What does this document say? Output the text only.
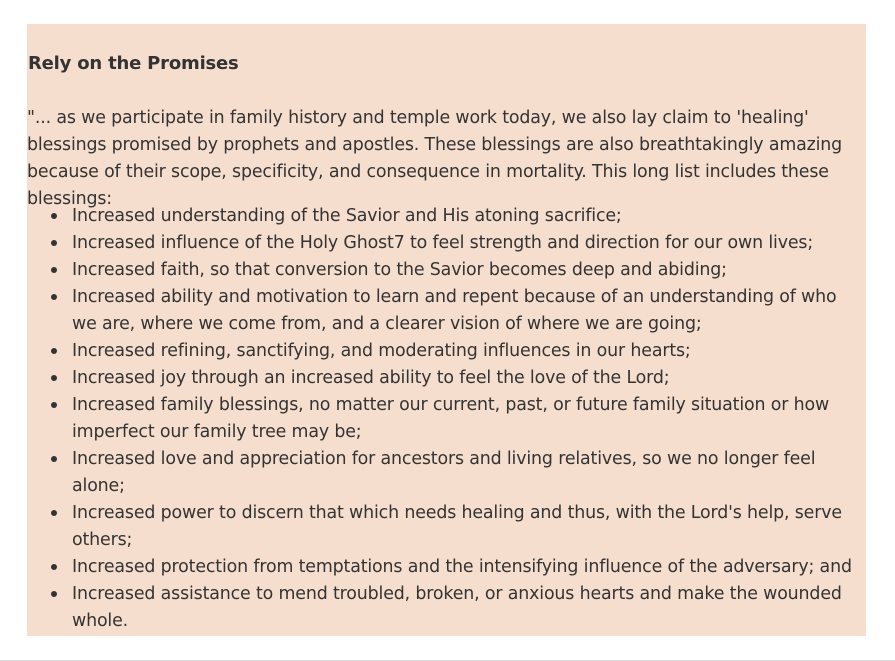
Rely on the Promises

"... as we participate in family history and temple work today, we also lay claim to 'healing' blessings promised by prophets and apostles. These blessings are also breathtakingly amazing because of their scope, specificity, and consequence in mortality. This long list includes these blessings:

Increased understanding of the Savior and His atoning sacrifice;
Increased influence of the Holy Ghost7 to feel strength and direction for our own lives;
Increased faith, so that conversion to the Savior becomes deep and abiding;
Increased ability and motivation to learn and repent because of an understanding of who we are, where we come from, and a clearer vision of where we are going;
Increased refining, sanctifying, and moderating influences in our hearts;
Increased joy through an increased ability to feel the love of the Lord;
Increased family blessings, no matter our current, past, or future family situation or how imperfect our family tree may be;
Increased love and appreciation for ancestors and living relatives, so we no longer feel alone;
Increased power to discern that which needs healing and thus, with the Lord's help, serve others;
Increased protection from temptations and the intensifying influence of the adversary; and
Increased assistance to mend troubled, broken, or anxious hearts and make the wounded whole.
